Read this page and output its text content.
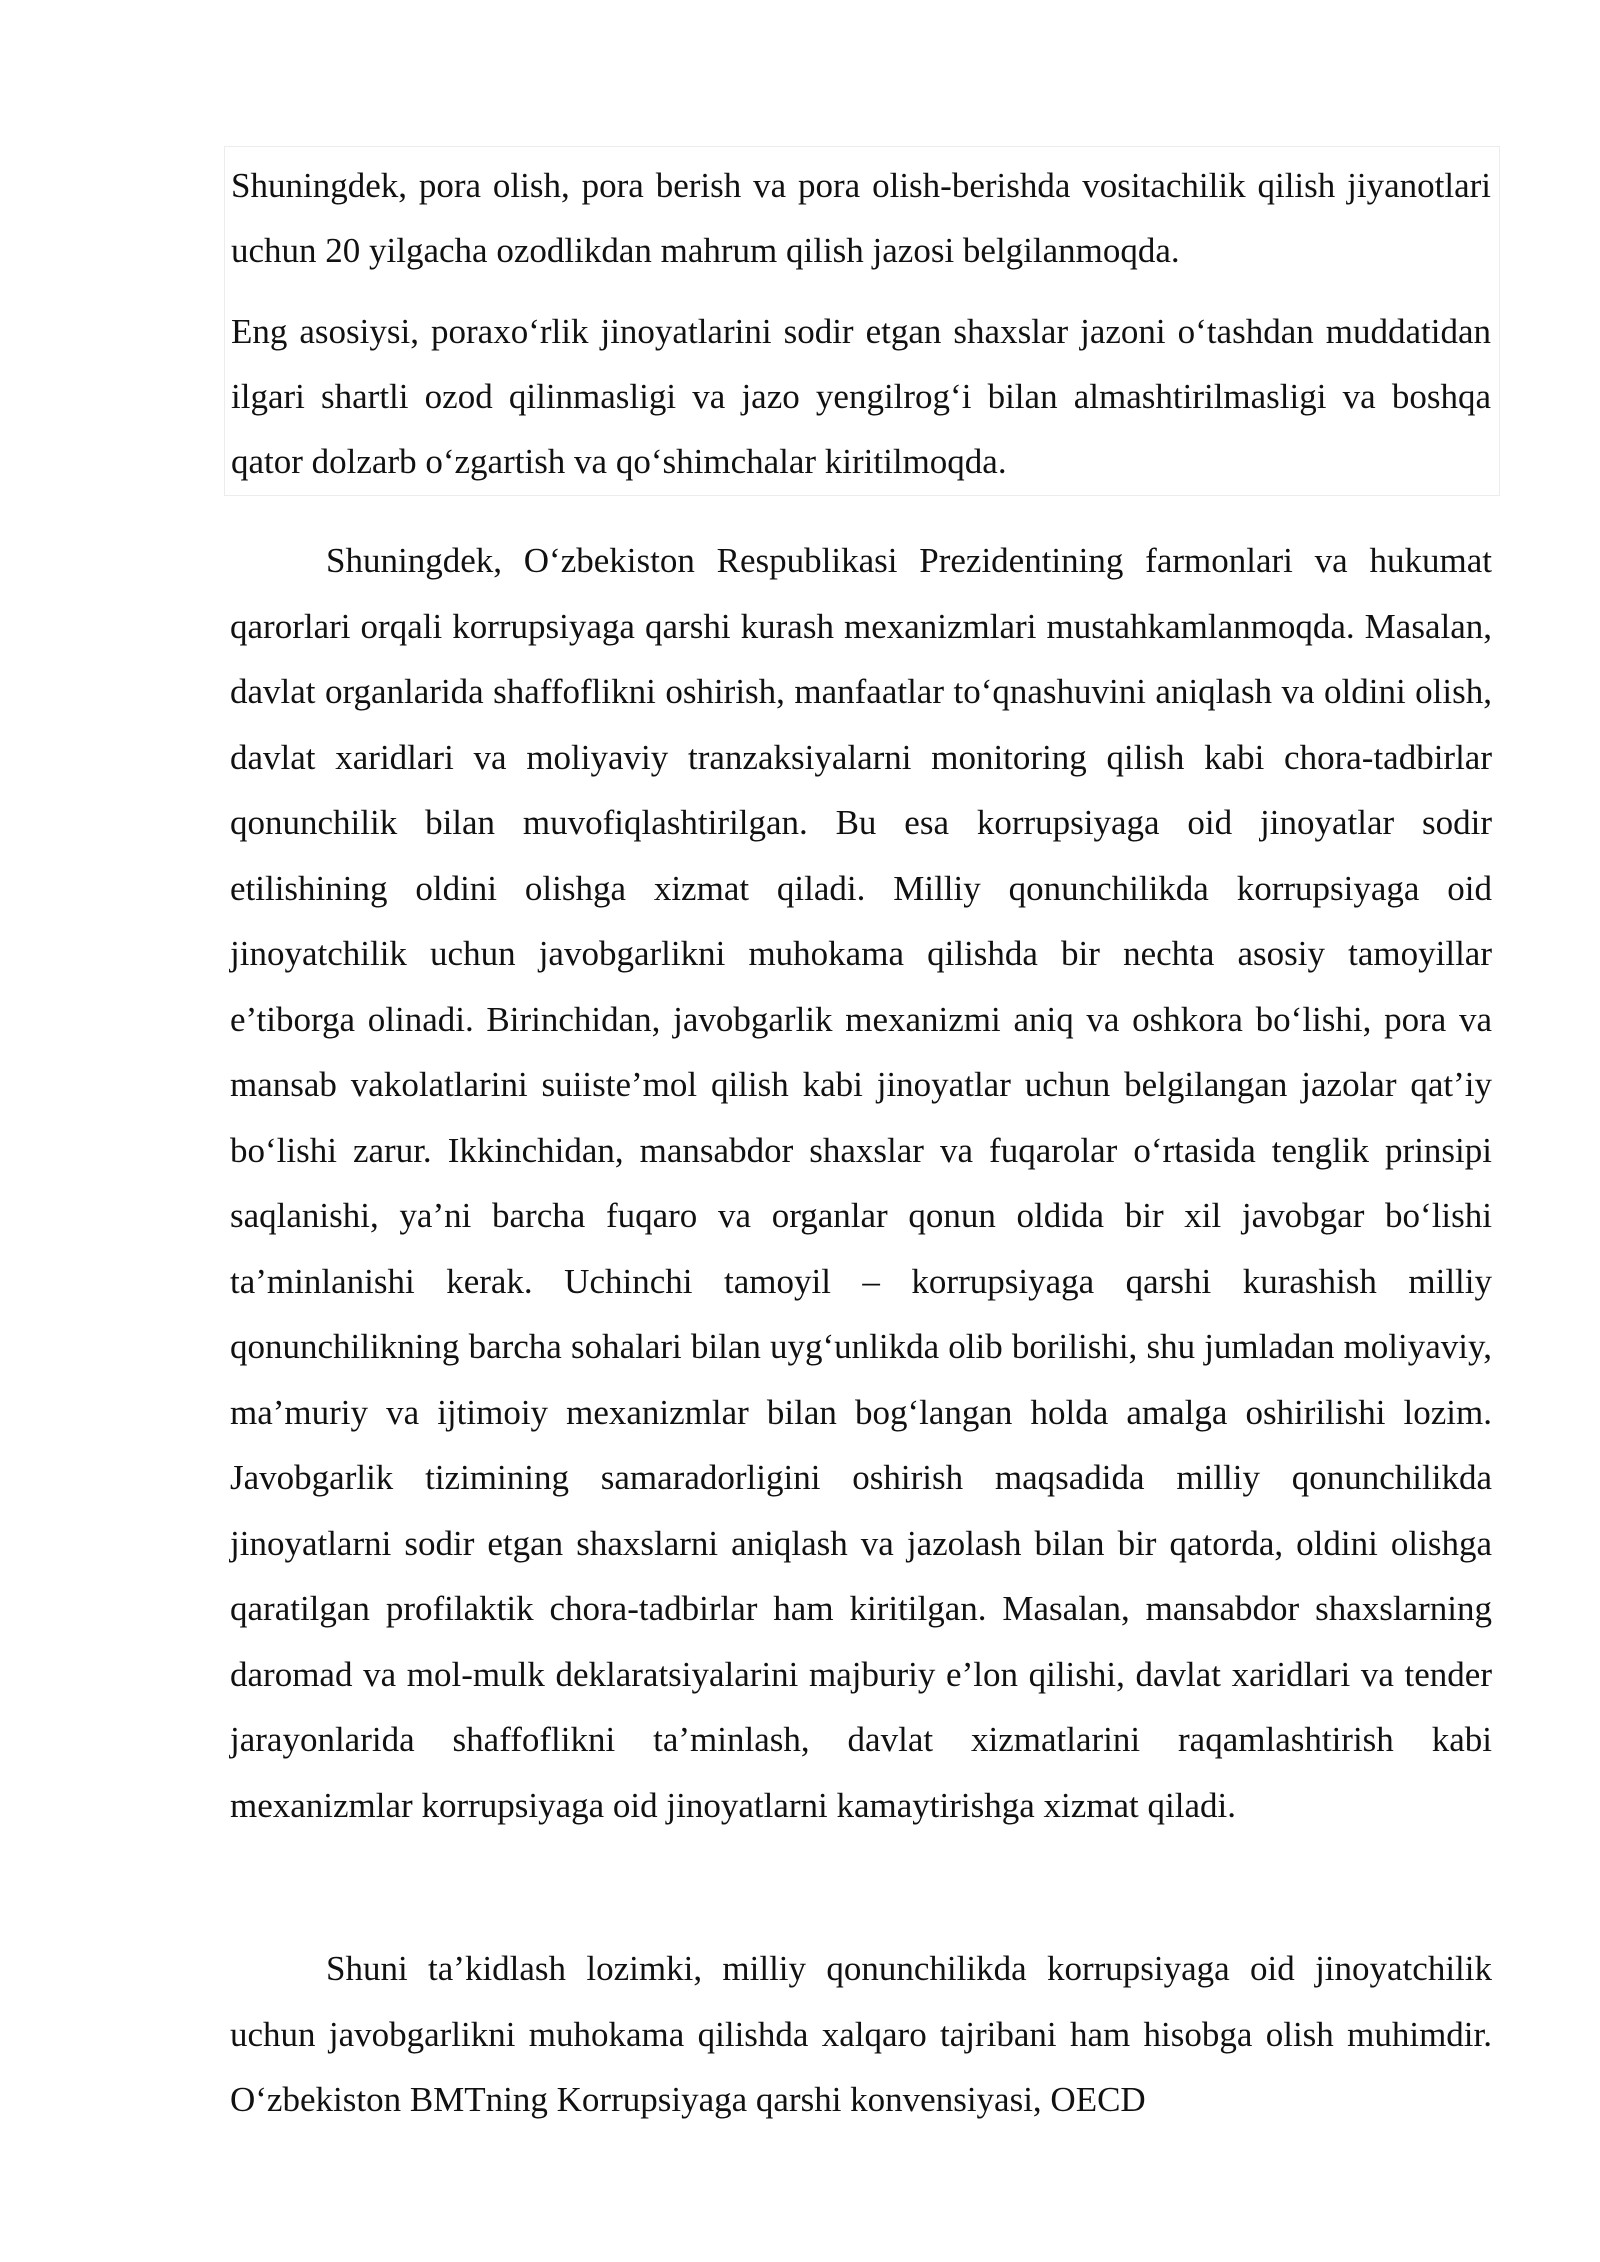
Shuningdek, pora olish, pora berish va pora olish-berishda vositachilik qilish jiyanotlari uchun 20 yilgacha ozodlikdan mahrum qilish jazosi belgilanmoqda.

Eng asosiysi, poraxo‘rlik jinoyatlarini sodir etgan shaxslar jazoni o‘tashdan muddatidan ilgari shartli ozod qilinmasligi va jazo yengilrog‘i bilan almashtirilmasligi va boshqa qator dolzarb o‘zgartish va qo‘shimchalar kiritilmoqda.

Shuningdek, O‘zbekiston Respublikasi Prezidentining farmonlari va hukumat qarorlari orqali korrupsiyaga qarshi kurash mexanizmlari mustahkamlanmoqda. Masalan, davlat organlarida shaffoflikni oshirish, manfaatlar to‘qnashuvini aniqlash va oldini olish, davlat xaridlari va moliyaviy tranzaksiyalarni monitoring qilish kabi chora-tadbirlar qonunchilik bilan muvofiqlashtirilgan. Bu esa korrupsiyaga oid jinoyatlar sodir etilishining oldini olishga xizmat qiladi. Milliy qonunchilikda korrupsiyaga oid jinoyatchilik uchun javobgarlikni muhokama qilishda bir nechta asosiy tamoyillar e’tiborga olinadi. Birinchidan, javobgarlik mexanizmi aniq va oshkora bo‘lishi, pora va mansab vakolatlarini suiiste’mol qilish kabi jinoyatlar uchun belgilangan jazolar qat’iy bo‘lishi zarur. Ikkinchidan, mansabdor shaxslar va fuqarolar o‘rtasida tenglik prinsipi saqlanishi, ya’ni barcha fuqaro va organlar qonun oldida bir xil javobgar bo‘lishi ta’minlanishi kerak. Uchinchi tamoyil – korrupsiyaga qarshi kurashish milliy qonunchilikning barcha sohalari bilan uyg‘unlikda olib borilishi, shu jumladan moliyaviy, ma’muriy va ijtimoiy mexanizmlar bilan bog‘langan holda amalga oshirilishi lozim. Javobgarlik tizimining samaradorligini oshirish maqsadida milliy qonunchilikda jinoyatlarni sodir etgan shaxslarni aniqlash va jazolash bilan bir qatorda, oldini olishga qaratilgan profilaktik chora-tadbirlar ham kiritilgan. Masalan, mansabdor shaxslarning daromad va mol-mulk deklaratsiyalarini majburiy e’lon qilishi, davlat xaridlari va tender jarayonlarida shaffoflikni ta’minlash, davlat xizmatlarini raqamlashtirish kabi mexanizmlar korrupsiyaga oid jinoyatlarni kamaytirishga xizmat qiladi.

Shuni ta’kidlash lozimki, milliy qonunchilikda korrupsiyaga oid jinoyatchilik uchun javobgarlikni muhokama qilishda xalqaro tajribani ham hisobga olish muhimdir. O‘zbekiston BMTning Korrupsiyaga qarshi konvensiyasi, OECD
